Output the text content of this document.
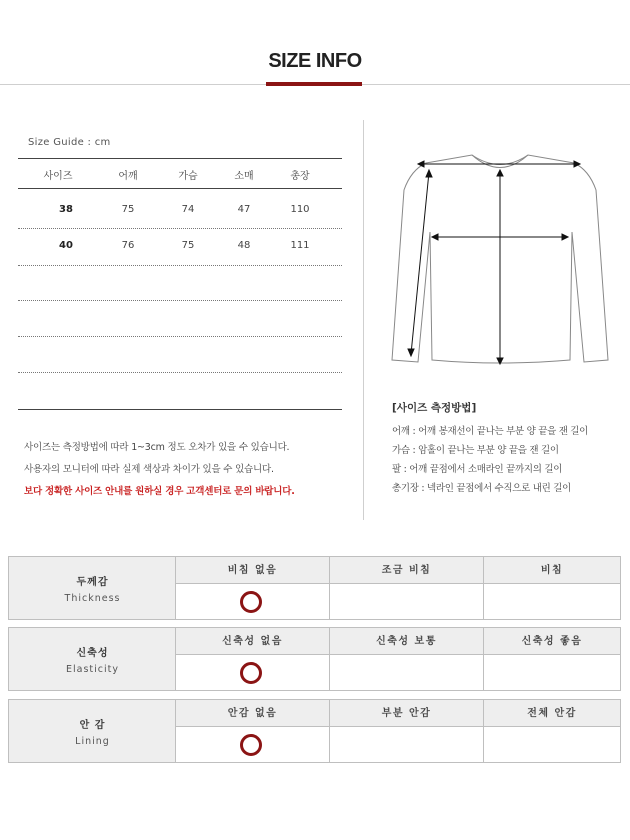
SIZE INFO
Size Guide : cm
사이즈	어깨	가슴	소매	총장
38	75	74	47	110
40	76	75	48	111
사이즈는 측정방법에 따라 1~3cm 정도 오차가 있을 수 있습니다.
사용자의 모니터에 따라 실제 색상과 차이가 있을 수 있습니다.
보다 정확한 사이즈 안내를 원하실 경우 고객센터로 문의 바랍니다.
[사이즈 측정방법]
어깨 : 어깨 봉재선이 끝나는 부분 양 끝을 잰 길이
가슴 : 암홀이 끝나는 부분 양 끝을 잰 길이
팔 : 어깨 끝점에서 소매라인 끝까지의 길이
총기장 : 넥라인 끝점에서 수직으로 내린 길이
두께감
Thickness
비침 없음	조금 비침	비침
신축성
Elasticity
신축성 없음	신축성 보통	신축성 좋음
안 감
Lining
안감 없음	부분 안감	전체 안감
